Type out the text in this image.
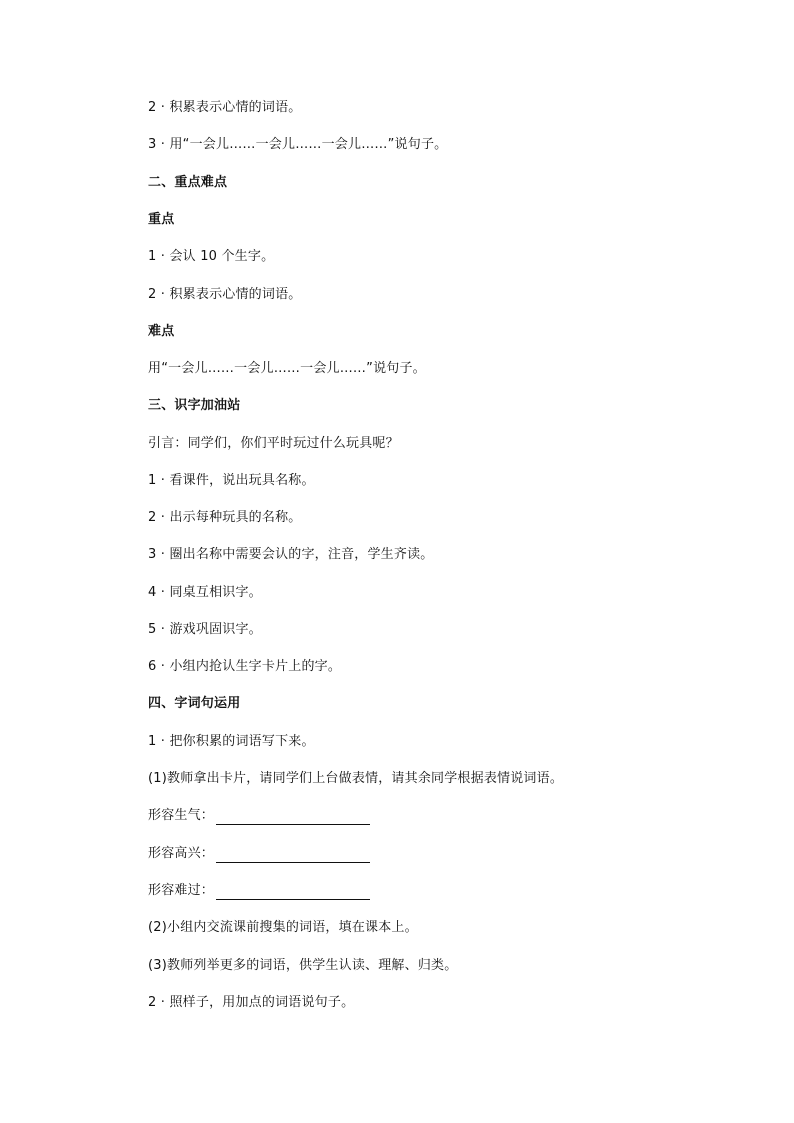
2 · 积累表示心情的词语。
3 · 用“一会儿……一会儿……一会儿……”说句子。
二、重点难点
重点
1 · 会认 10 个生字。
2 · 积累表示心情的词语。
难点
用“一会儿……一会儿……一会儿……”说句子。
三、识字加油站
引言：同学们，你们平时玩过什么玩具呢？
1 · 看课件，说出玩具名称。
2 · 出示每种玩具的名称。
3 · 圈出名称中需要会认的字，注音，学生齐读。
4 · 同桌互相识字。
5 · 游戏巩固识字。
6 · 小组内抢认生字卡片上的字。
四、字词句运用
1 · 把你积累的词语写下来。
(1)教师拿出卡片，请同学们上台做表情，请其余同学根据表情说词语。
形容生气：
形容高兴：
形容难过：
(2)小组内交流课前搜集的词语，填在课本上。
(3)教师列举更多的词语，供学生认读、理解、归类。
2 · 照样子，用加点的词语说句子。
